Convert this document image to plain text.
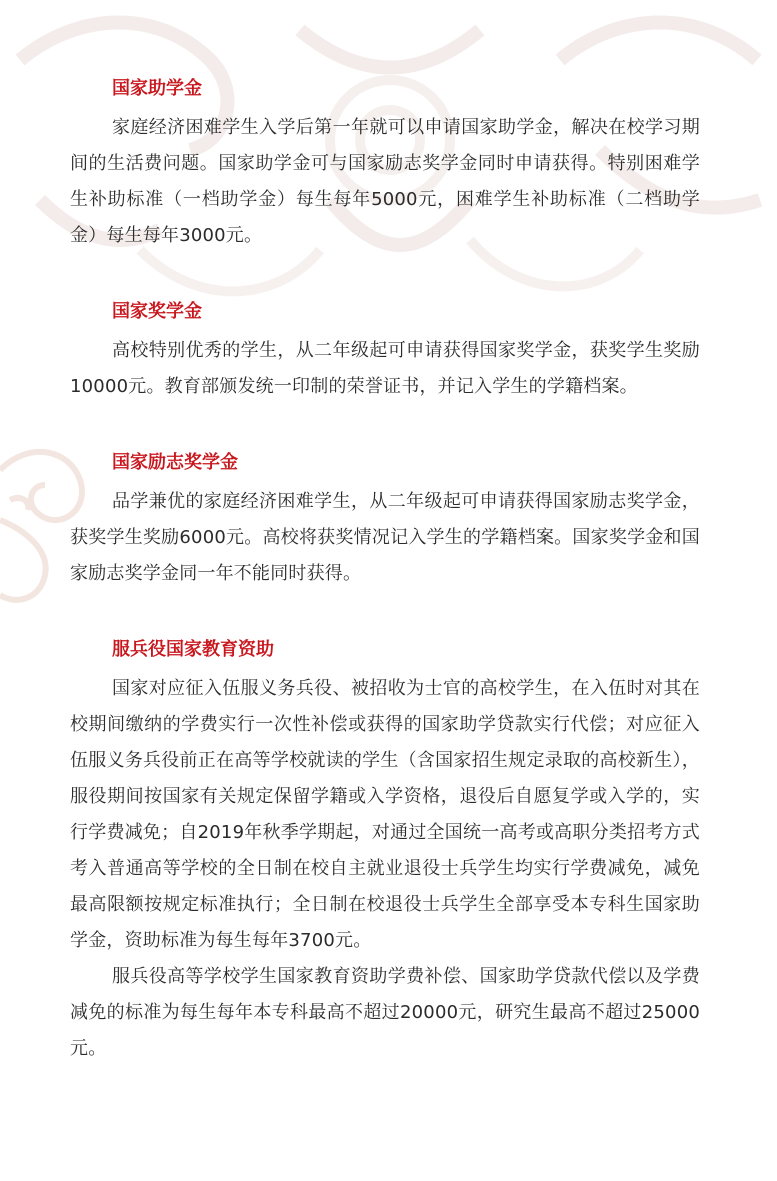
国家助学金

家庭经济困难学生入学后第一年就可以申请国家助学金，解决在校学习期间的生活费问题。国家助学金可与国家励志奖学金同时申请获得。特别困难学生补助标准（一档助学金）每生每年5000元，困难学生补助标准（二档助学金）每生每年3000元。

国家奖学金

高校特别优秀的学生，从二年级起可申请获得国家奖学金，获奖学生奖励10000元。教育部颁发统一印制的荣誉证书，并记入学生的学籍档案。

国家励志奖学金

品学兼优的家庭经济困难学生，从二年级起可申请获得国家励志奖学金，获奖学生奖励6000元。高校将获奖情况记入学生的学籍档案。国家奖学金和国家励志奖学金同一年不能同时获得。

服兵役国家教育资助

国家对应征入伍服义务兵役、被招收为士官的高校学生，在入伍时对其在校期间缴纳的学费实行一次性补偿或获得的国家助学贷款实行代偿；对应征入伍服义务兵役前正在高等学校就读的学生（含国家招生规定录取的高校新生），服役期间按国家有关规定保留学籍或入学资格，退役后自愿复学或入学的，实行学费减免；自2019年秋季学期起，对通过全国统一高考或高职分类招考方式考入普通高等学校的全日制在校自主就业退役士兵学生均实行学费减免，减免最高限额按规定标准执行；全日制在校退役士兵学生全部享受本专科生国家助学金，资助标准为每生每年3700元。

服兵役高等学校学生国家教育资助学费补偿、国家助学贷款代偿以及学费减免的标准为每生每年本专科最高不超过20000元，研究生最高不超过25000元。
